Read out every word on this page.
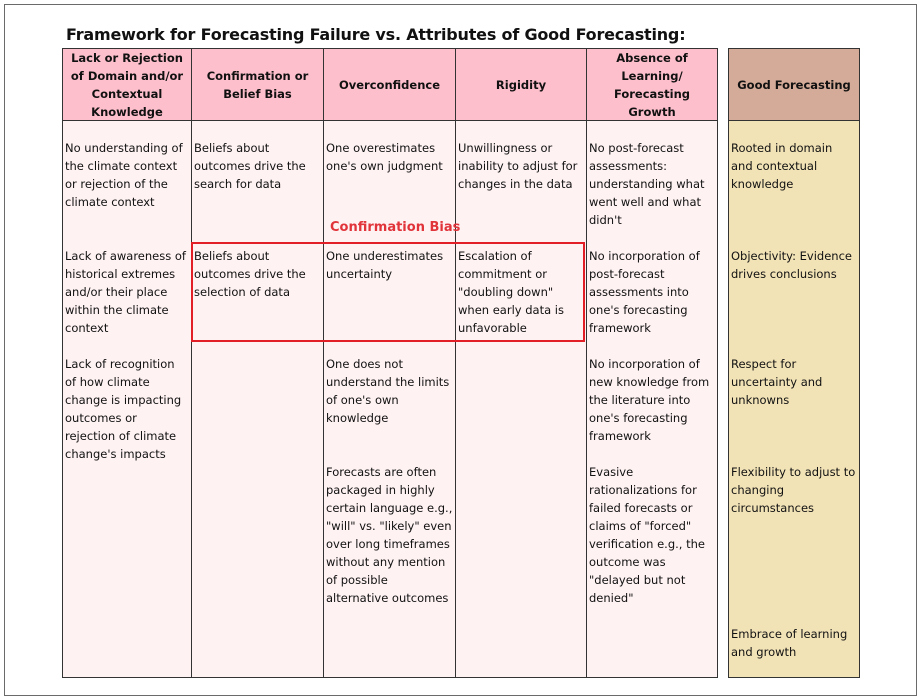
Framework for Forecasting Failure vs. Attributes of Good Forecasting:
Lack or Rejection of Domain and/or Contextual Knowledge
No understanding of the climate context or rejection of the climate context
Lack of awareness of historical extremes and/or their place within the climate context
Lack of recognition of how climate change is impacting outcomes or rejection of climate change's impacts
Confirmation or Belief Bias
Beliefs about outcomes drive the search for data
Beliefs about outcomes drive the selection of data
Overconfidence
One overestimates one's own judgment
One underestimates uncertainty
One does not understand the limits of one's own knowledge
Forecasts are often packaged in highly certain language e.g., "will" vs. "likely" even over long timeframes without any mention of possible alternative outcomes
Rigidity
Unwillingness or inability to adjust for changes in the data
Escalation of commitment or "doubling down" when early data is unfavorable
Absence of Learning/ Forecasting Growth
No post-forecast assessments: understanding what went well and what didn't
No incorporation of post-forecast assessments into one's forecasting framework
No incorporation of new knowledge from the literature into one's forecasting framework
Evasive rationalizations for failed forecasts or claims of "forced" verification e.g., the outcome was "delayed but not denied"
Good Forecasting
Rooted in domain and contextual knowledge
Objectivity: Evidence drives conclusions
Respect for uncertainty and unknowns
Flexibility to adjust to changing circumstances
Embrace of learning and growth
Confirmation Bias
